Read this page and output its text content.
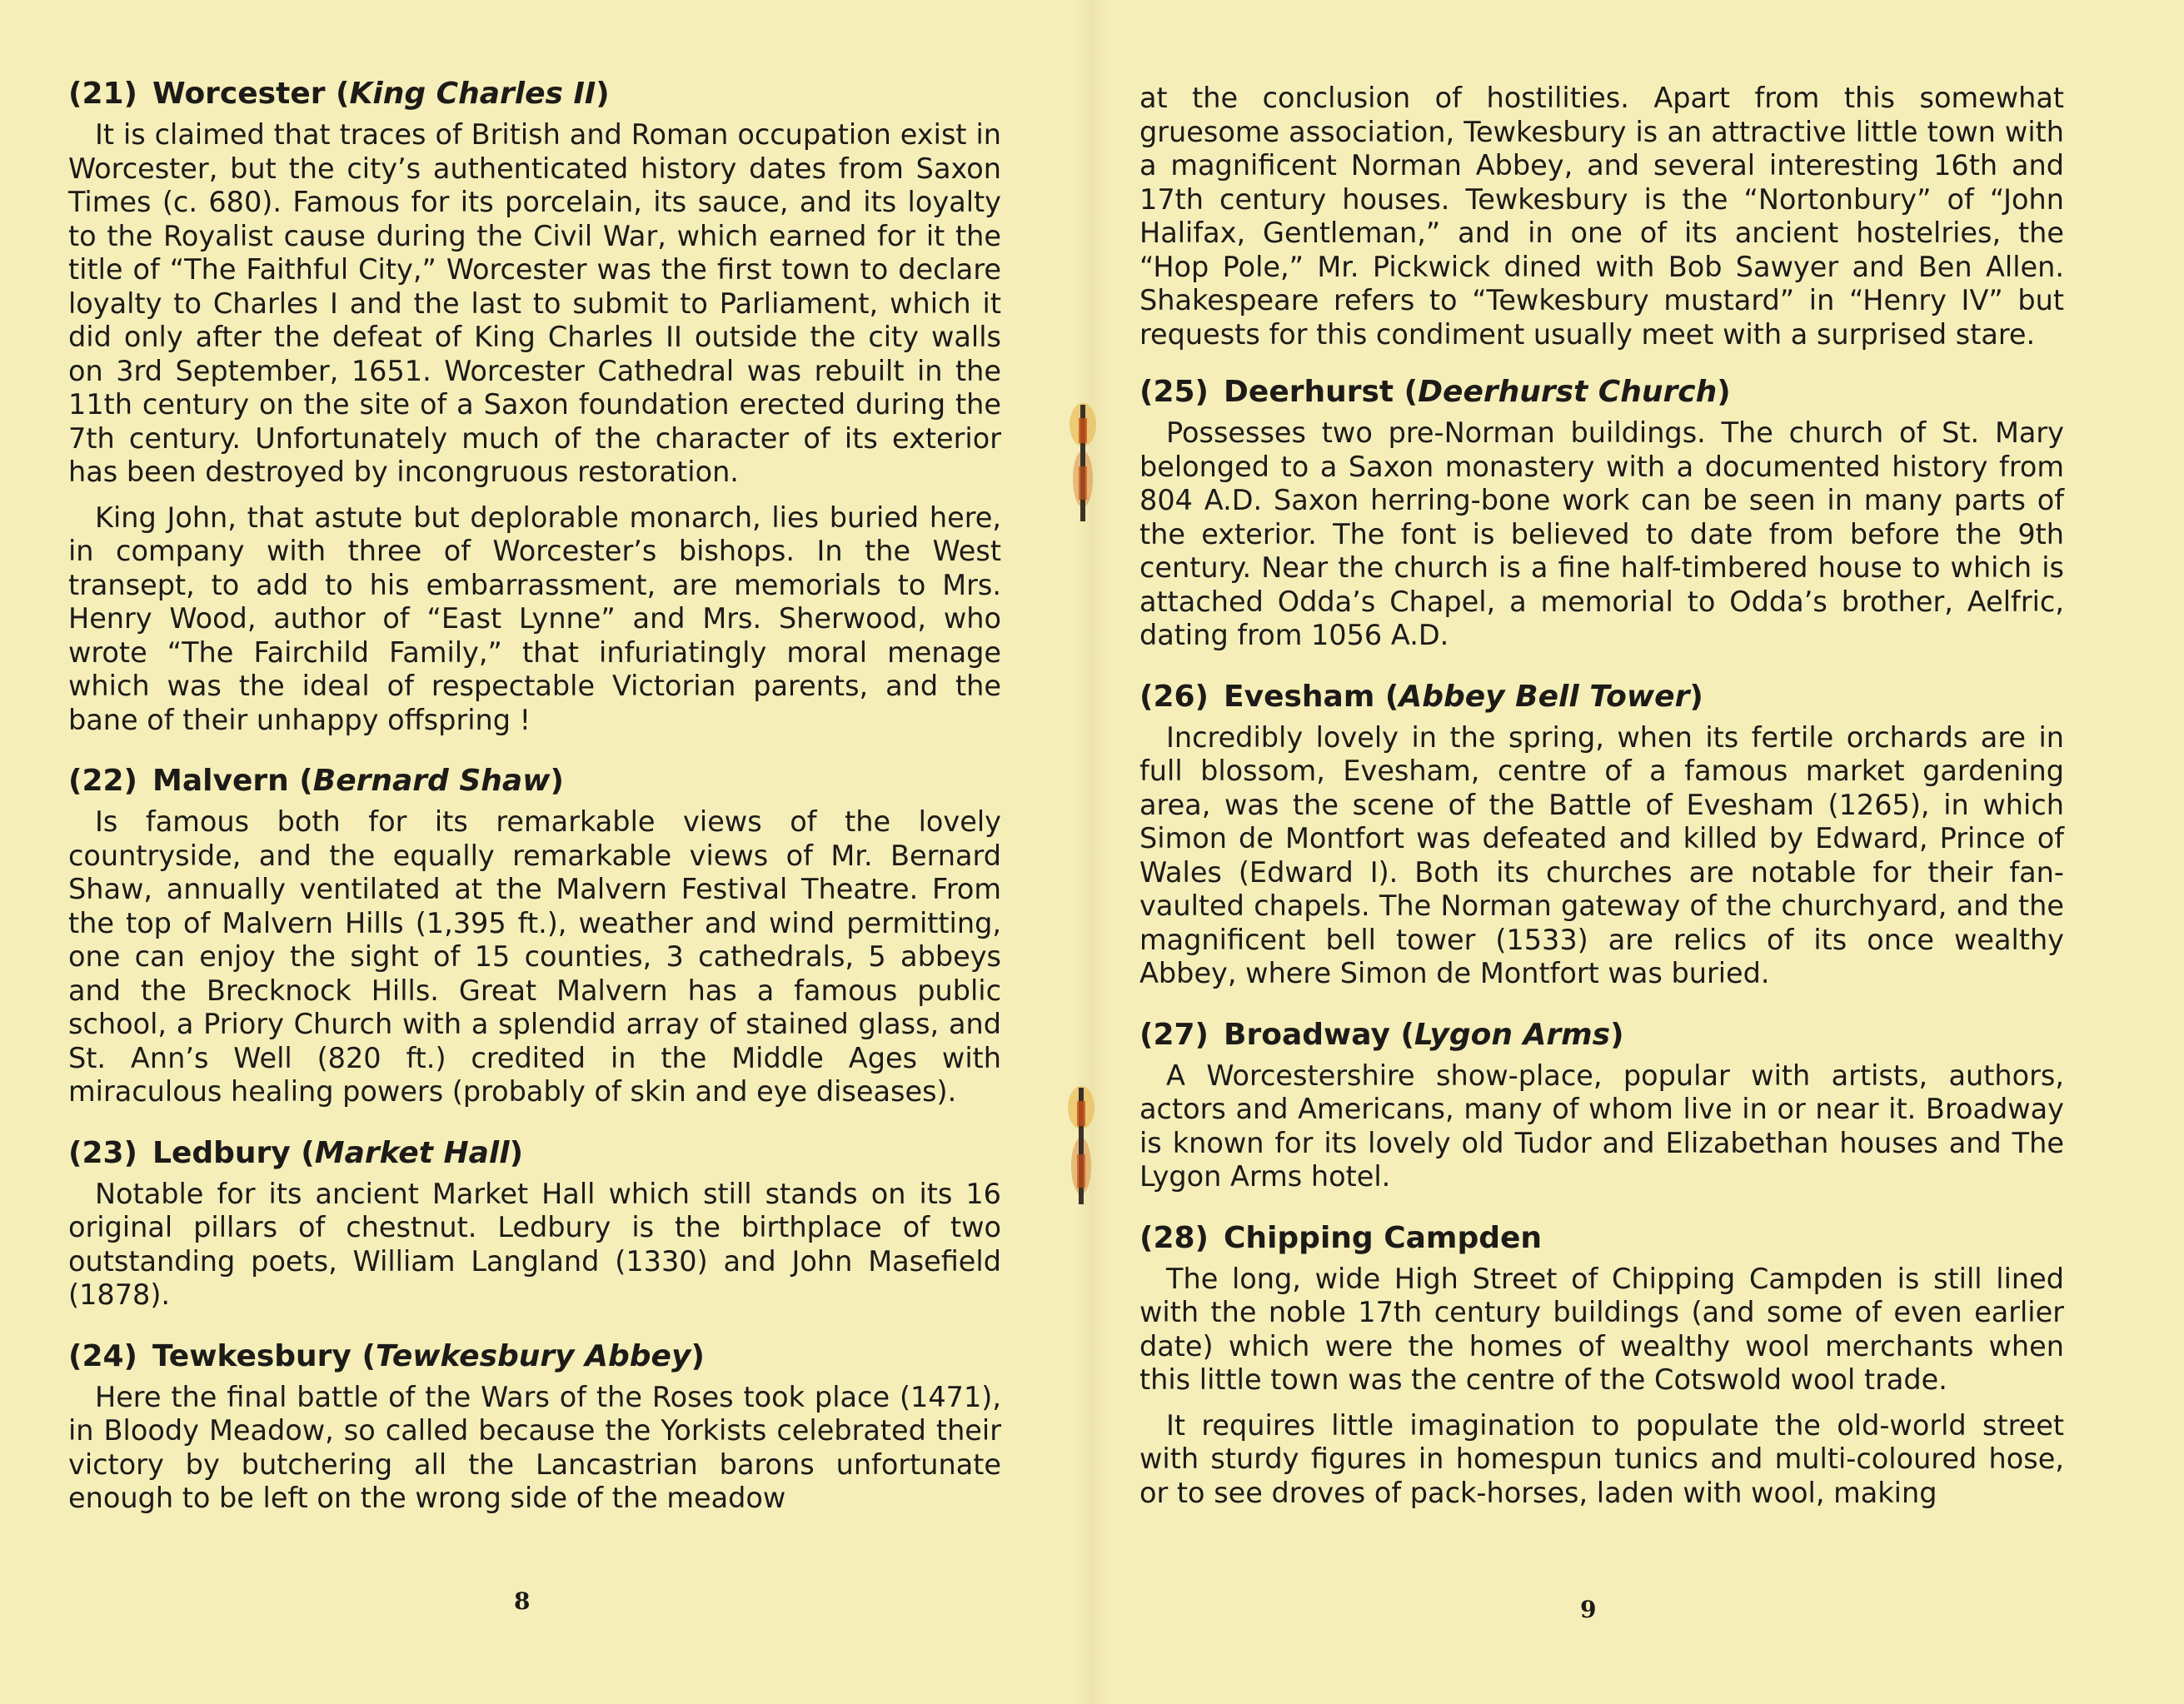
(21) Worcester (King Charles II)

It is claimed that traces of British and Roman occupation exist in Worcester, but the city’s authenticated history dates from Saxon Times (c. 680). Famous for its porcelain, its sauce, and its loyalty to the Royalist cause during the Civil War, which earned for it the title of “The Faithful City,” Worcester was the first town to declare loyalty to Charles I and the last to submit to Parliament, which it did only after the defeat of King Charles II outside the city walls on 3rd September, 1651. Worcester Cathedral was rebuilt in the 11th century on the site of a Saxon foundation erected during the 7th century. Unfortunately much of the character of its exterior has been destroyed by incongruous restoration.

King John, that astute but deplorable monarch, lies buried here, in company with three of Worcester’s bishops. In the West transept, to add to his embarrassment, are memorials to Mrs. Henry Wood, author of “East Lynne” and Mrs. Sherwood, who wrote “The Fairchild Family,” that infuriatingly moral menage which was the ideal of respectable Victorian parents, and the bane of their unhappy offspring !

(22) Malvern (Bernard Shaw)

Is famous both for its remarkable views of the lovely countryside, and the equally remarkable views of Mr. Bernard Shaw, annually ventilated at the Malvern Festival Theatre. From the top of Malvern Hills (1,395 ft.), weather and wind permitting, one can enjoy the sight of 15 counties, 3 cathedrals, 5 abbeys and the Brecknock Hills. Great Malvern has a famous public school, a Priory Church with a splendid array of stained glass, and St. Ann’s Well (820 ft.) credited in the Middle Ages with miraculous healing powers (probably of skin and eye diseases).

(23) Ledbury (Market Hall)

Notable for its ancient Market Hall which still stands on its 16 original pillars of chestnut. Ledbury is the birthplace of two outstanding poets, William Langland (1330) and John Masefield (1878).

(24) Tewkesbury (Tewkesbury Abbey)

Here the final battle of the Wars of the Roses took place (1471), in Bloody Meadow, so called because the Yorkists celebrated their victory by butchering all the Lancastrian barons unfortunate enough to be left on the wrong side of the meadow

8

at the conclusion of hostilities. Apart from this somewhat gruesome association, Tewkesbury is an attractive little town with a magnificent Norman Abbey, and several interesting 16th and 17th century houses. Tewkesbury is the “Nortonbury” of “John Halifax, Gentleman,” and in one of its ancient hostelries, the “Hop Pole,” Mr. Pickwick dined with Bob Sawyer and Ben Allen. Shakespeare refers to “Tewkesbury mustard” in “Henry IV” but requests for this condiment usually meet with a surprised stare.

(25) Deerhurst (Deerhurst Church)

Possesses two pre-Norman buildings. The church of St. Mary belonged to a Saxon monastery with a documented history from 804 A.D. Saxon herring-bone work can be seen in many parts of the exterior. The font is believed to date from before the 9th century. Near the church is a fine half-timbered house to which is attached Odda’s Chapel, a memorial to Odda’s brother, Aelfric, dating from 1056 A.D.

(26) Evesham (Abbey Bell Tower)

Incredibly lovely in the spring, when its fertile orchards are in full blossom, Evesham, centre of a famous market gardening area, was the scene of the Battle of Evesham (1265), in which Simon de Montfort was defeated and killed by Edward, Prince of Wales (Edward I). Both its churches are notable for their fan-vaulted chapels. The Norman gateway of the churchyard, and the magnificent bell tower (1533) are relics of its once wealthy Abbey, where Simon de Montfort was buried.

(27) Broadway (Lygon Arms)

A Worcestershire show-place, popular with artists, authors, actors and Americans, many of whom live in or near it. Broadway is known for its lovely old Tudor and Elizabethan houses and The Lygon Arms hotel.

(28) Chipping Campden

The long, wide High Street of Chipping Campden is still lined with the noble 17th century buildings (and some of even earlier date) which were the homes of wealthy wool merchants when this little town was the centre of the Cotswold wool trade.

It requires little imagination to populate the old-world street with sturdy figures in homespun tunics and multi-coloured hose, or to see droves of pack-horses, laden with wool, making

9
